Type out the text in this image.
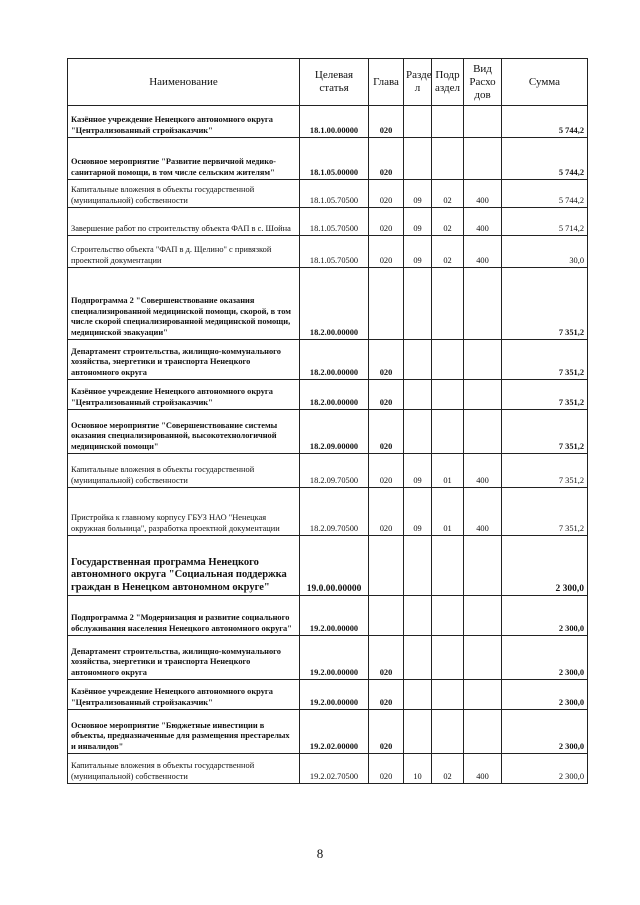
Наименование	Целевая статья	Глава	Разде л	Подр аздел	Вид Расхо дов	Сумма
Казённое учреждение Ненецкого автономного округа "Централизованный стройзаказчик"	18.1.00.00000	020				5 744,2
Основное мероприятие "Развитие первичной медико-санитарной помощи, в том числе сельским жителям"	18.1.05.00000	020				5 744,2
Капитальные вложения в объекты государственной (муниципальной) собственности	18.1.05.70500	020	09	02	400	5 744,2
Завершение работ по строительству объекта ФАП в с. Шойна	18.1.05.70500	020	09	02	400	5 714,2
Строительство объекта "ФАП в д. Щелино" с привязкой проектной документации	18.1.05.70500	020	09	02	400	30,0
Подпрограмма 2 "Совершенствование оказания специализированной медицинской помощи, скорой, в том числе скорой специализированной медицинской помощи, медицинской эвакуации"	18.2.00.00000					7 351,2
Департамент строительства, жилищно-коммунального хозяйства, энергетики и транспорта Ненецкого автономного округа	18.2.00.00000	020				7 351,2
Казённое учреждение Ненецкого автономного округа "Централизованный стройзаказчик"	18.2.00.00000	020				7 351,2
Основное мероприятие "Совершенствование системы оказания специализированной, высокотехнологичной медицинской помощи"	18.2.09.00000	020				7 351,2
Капитальные вложения в объекты государственной (муниципальной) собственности	18.2.09.70500	020	09	01	400	7 351,2
Пристройка к главному корпусу ГБУЗ НАО "Ненецкая окружная больница", разработка проектной документации	18.2.09.70500	020	09	01	400	7 351,2
Государственная программа Ненецкого автономного округа "Социальная поддержка граждан в Ненецком автономном округе"	19.0.00.00000					2 300,0
Подпрограмма 2 "Модернизация и развитие социального обслуживания населения Ненецкого автономного округа"	19.2.00.00000					2 300,0
Департамент строительства, жилищно-коммунального хозяйства, энергетики и транспорта Ненецкого автономного округа	19.2.00.00000	020				2 300,0
Казённое учреждение Ненецкого автономного округа "Централизованный стройзаказчик"	19.2.00.00000	020				2 300,0
Основное мероприятие "Бюджетные инвестиции в объекты, предназначенные для размещения престарелых и инвалидов"	19.2.02.00000	020				2 300,0
Капитальные вложения в объекты государственной (муниципальной) собственности	19.2.02.70500	020	10	02	400	2 300,0
8
